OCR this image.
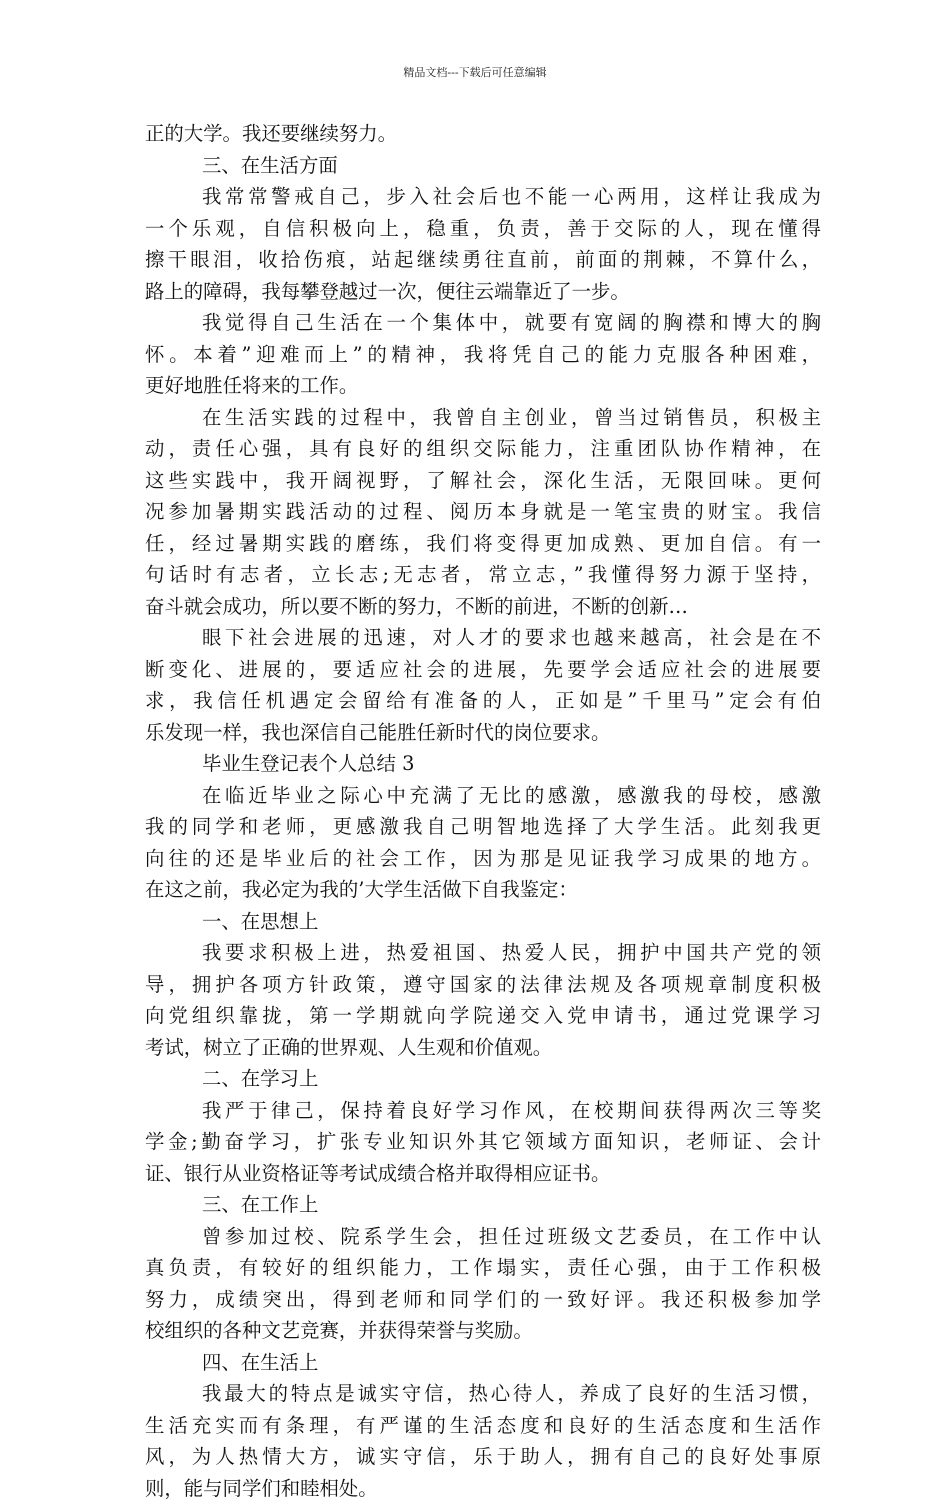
精品文档---下载后可任意编辑
正的大学。我还要继续努力。
三、在生活方面
我常常警戒自己，步入社会后也不能一心两用，这样让我成为
一个乐观，自信积极向上，稳重，负责，善于交际的人，现在懂得
擦干眼泪，收拾伤痕，站起继续勇往直前，前面的荆棘，不算什么，
路上的障碍，我每攀登越过一次，便往云端靠近了一步。
我觉得自己生活在一个集体中，就要有宽阔的胸襟和博大的胸
怀。本着”迎难而上”的精神，我将凭自己的能力克服各种困难，
更好地胜任将来的工作。
在生活实践的过程中，我曾自主创业，曾当过销售员，积极主
动，责任心强，具有良好的组织交际能力，注重团队协作精神，在
这些实践中，我开阔视野，了解社会，深化生活，无限回味。更何
况参加暑期实践活动的过程、阅历本身就是一笔宝贵的财宝。我信
任，经过暑期实践的磨练，我们将变得更加成熟、更加自信。有一
句话时有志者，立长志;无志者，常立志，”我懂得努力源于坚持，
奋斗就会成功，所以要不断的努力，不断的前进，不断的创新…
眼下社会进展的迅速，对人才的要求也越来越高，社会是在不
断变化、进展的，要适应社会的进展，先要学会适应社会的进展要
求，我信任机遇定会留给有准备的人，正如是”千里马”定会有伯
乐发现一样，我也深信自己能胜任新时代的岗位要求。
毕业生登记表个人总结 3
在临近毕业之际心中充满了无比的感激，感激我的母校，感激
我的同学和老师，更感激我自己明智地选择了大学生活。此刻我更
向往的还是毕业后的社会工作，因为那是见证我学习成果的地方。
在这之前，我必定为我的’大学生活做下自我鉴定：
一、在思想上
我要求积极上进，热爱祖国、热爱人民，拥护中国共产党的领
导，拥护各项方针政策，遵守国家的法律法规及各项规章制度积极
向党组织靠拢，第一学期就向学院递交入党申请书，通过党课学习
考试，树立了正确的世界观、人生观和价值观。
二、在学习上
我严于律己，保持着良好学习作风，在校期间获得两次三等奖
学金;勤奋学习，扩张专业知识外其它领域方面知识，老师证、会计
证、银行从业资格证等考试成绩合格并取得相应证书。
三、在工作上
曾参加过校、院系学生会，担任过班级文艺委员，在工作中认
真负责，有较好的组织能力，工作塌实，责任心强，由于工作积极
努力，成绩突出，得到老师和同学们的一致好评。我还积极参加学
校组织的各种文艺竞赛，并获得荣誉与奖励。
四、在生活上
我最大的特点是诚实守信，热心待人，养成了良好的生活习惯，
生活充实而有条理，有严谨的生活态度和良好的生活态度和生活作
风，为人热情大方，诚实守信，乐于助人，拥有自己的良好处事原
则，能与同学们和睦相处。
